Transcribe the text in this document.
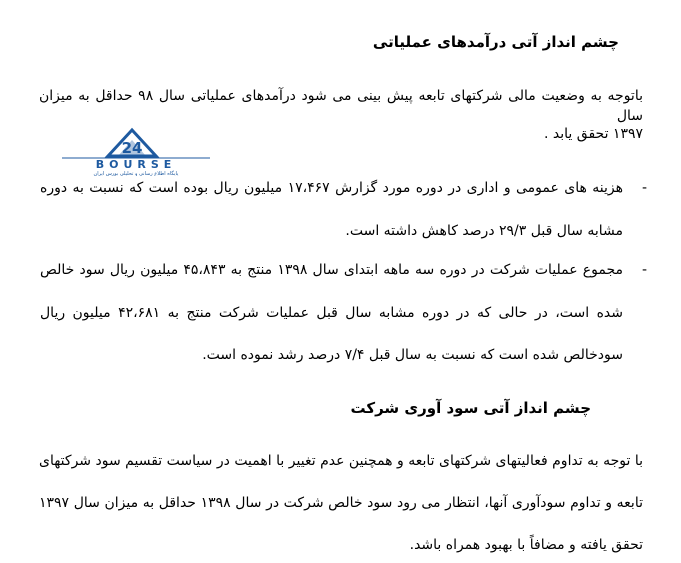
چشم انداز آتی درآمدهای عملیاتی
باتوجه به وضعیت مالی شرکتهای تابعه پیش بینی می شود درآمدهای عملیاتی سال ۹۸ حداقل به میزان سال
۱۳۹۷ تحقق یابد .
24
BOURSE
پایگاه اطلاع رسانی و تحلیلی بورس ایران
-
هزینه های عمومی و اداری در دوره مورد گزارش ۱۷،۴۶۷ میلیون ریال بوده است که نسبت به دوره
مشابه سال قبل ۲۹/۳ درصد کاهش داشته است.
-
مجموع عملیات شرکت در دوره سه ماهه ابتدای سال ۱۳۹۸ منتج به ۴۵،۸۴۳ میلیون ریال سود خالص
شده است، در حالی که در دوره مشابه سال قبل عملیات شرکت منتج به ۴۲،۶۸۱ میلیون ریال
سودخالص شده است که نسبت به سال قبل ۷/۴ درصد رشد نموده است.
چشم انداز آتی سود آوری شرکت
با توجه به تداوم فعالیتهای شرکتهای تابعه و همچنین عدم تغییر با اهمیت در سیاست تقسیم سود شرکتهای
تابعه و تداوم سودآوری آنها، انتظار می رود سود خالص شرکت در سال ۱۳۹۸ حداقل به میزان سال ۱۳۹۷
تحقق یافته و مضافاً با بهبود همراه باشد.
